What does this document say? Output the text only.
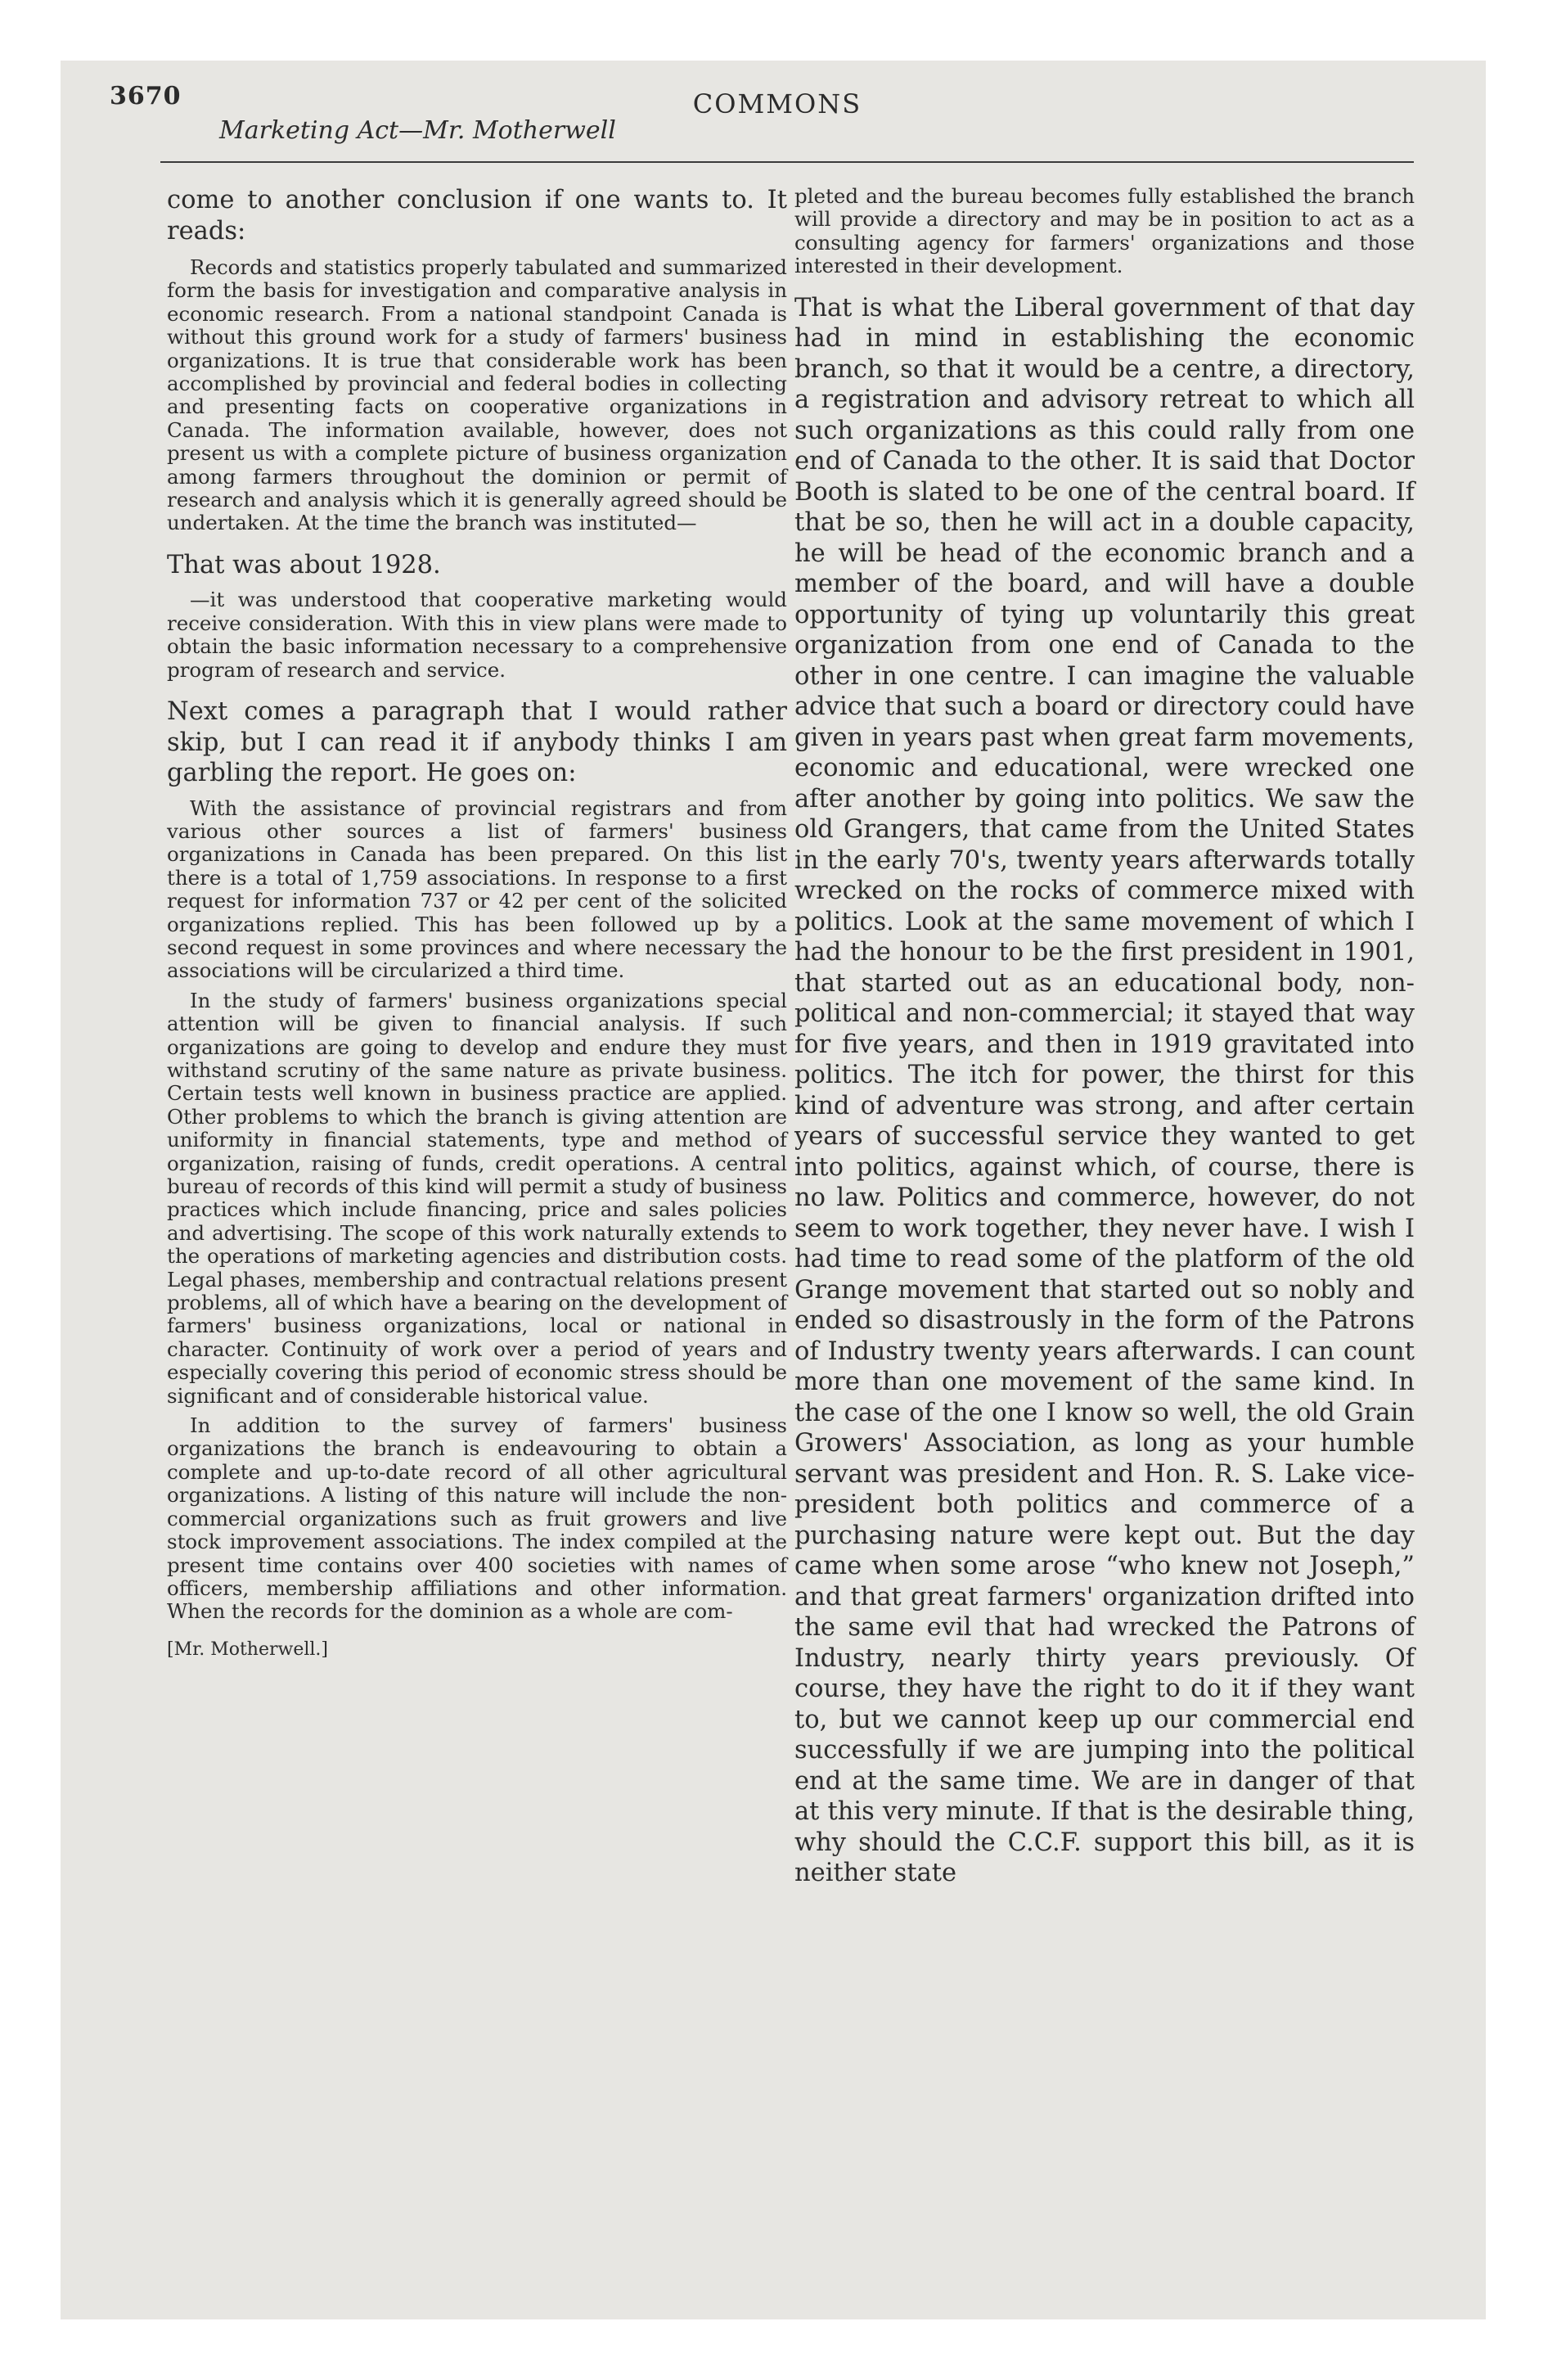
3670	COMMONS

Marketing Act—Mr. Motherwell

come to another conclusion if one wants to. It reads:

Records and statistics properly tabulated and summarized form the basis for investigation and comparative analysis in economic research. From a national standpoint Canada is without this ground work for a study of farmers' business organizations. It is true that considerable work has been accomplished by provincial and federal bodies in collecting and presenting facts on cooperative organizations in Canada. The information available, however, does not present us with a complete picture of business organization among farmers throughout the dominion or permit of research and analysis which it is generally agreed should be undertaken. At the time the branch was instituted—

That was about 1928.

—it was understood that cooperative marketing would receive consideration. With this in view plans were made to obtain the basic information necessary to a comprehensive program of research and service.

Next comes a paragraph that I would rather skip, but I can read it if anybody thinks I am garbling the report. He goes on:

With the assistance of provincial registrars and from various other sources a list of farmers' business organizations in Canada has been prepared. On this list there is a total of 1,759 associations. In response to a first request for information 737 or 42 per cent of the solicited organizations replied. This has been followed up by a second request in some provinces and where necessary the associations will be circularized a third time.

In the study of farmers' business organizations special attention will be given to financial analysis. If such organizations are going to develop and endure they must withstand scrutiny of the same nature as private business. Certain tests well known in business practice are applied. Other problems to which the branch is giving attention are uniformity in financial statements, type and method of organization, raising of funds, credit operations. A central bureau of records of this kind will permit a study of business practices which include financing, price and sales policies and advertising. The scope of this work naturally extends to the operations of marketing agencies and distribution costs. Legal phases, membership and contractual relations present problems, all of which have a bearing on the development of farmers' business organizations, local or national in character. Continuity of work over a period of years and especially covering this period of economic stress should be significant and of considerable historical value.

In addition to the survey of farmers' business organizations the branch is endeavouring to obtain a complete and up-to-date record of all other agricultural organizations. A listing of this nature will include the non-commercial organizations such as fruit growers and live stock improvement associations. The index compiled at the present time contains over 400 societies with names of officers, membership affiliations and other information. When the records for the dominion as a whole are com-

[Mr. Motherwell.]

pleted and the bureau becomes fully established the branch will provide a directory and may be in position to act as a consulting agency for farmers' organizations and those interested in their development.

That is what the Liberal government of that day had in mind in establishing the economic branch, so that it would be a centre, a directory, a registration and advisory retreat to which all such organizations as this could rally from one end of Canada to the other. It is said that Doctor Booth is slated to be one of the central board. If that be so, then he will act in a double capacity, he will be head of the economic branch and a member of the board, and will have a double opportunity of tying up voluntarily this great organization from one end of Canada to the other in one centre. I can imagine the valuable advice that such a board or directory could have given in years past when great farm movements, economic and educational, were wrecked one after another by going into politics. We saw the old Grangers, that came from the United States in the early 70's, twenty years afterwards totally wrecked on the rocks of commerce mixed with politics. Look at the same movement of which I had the honour to be the first president in 1901, that started out as an educational body, non-political and non-commercial; it stayed that way for five years, and then in 1919 gravitated into politics. The itch for power, the thirst for this kind of adventure was strong, and after certain years of successful service they wanted to get into politics, against which, of course, there is no law. Politics and commerce, however, do not seem to work together, they never have. I wish I had time to read some of the platform of the old Grange movement that started out so nobly and ended so disastrously in the form of the Patrons of Industry twenty years afterwards. I can count more than one movement of the same kind. In the case of the one I know so well, the old Grain Growers' Association, as long as your humble servant was president and Hon. R. S. Lake vice-president both politics and commerce of a purchasing nature were kept out. But the day came when some arose “who knew not Joseph,” and that great farmers' organization drifted into the same evil that had wrecked the Patrons of Industry, nearly thirty years previously. Of course, they have the right to do it if they want to, but we cannot keep up our commercial end successfully if we are jumping into the political end at the same time. We are in danger of that at this very minute. If that is the desirable thing, why should the C.C.F. support this bill, as it is neither state
